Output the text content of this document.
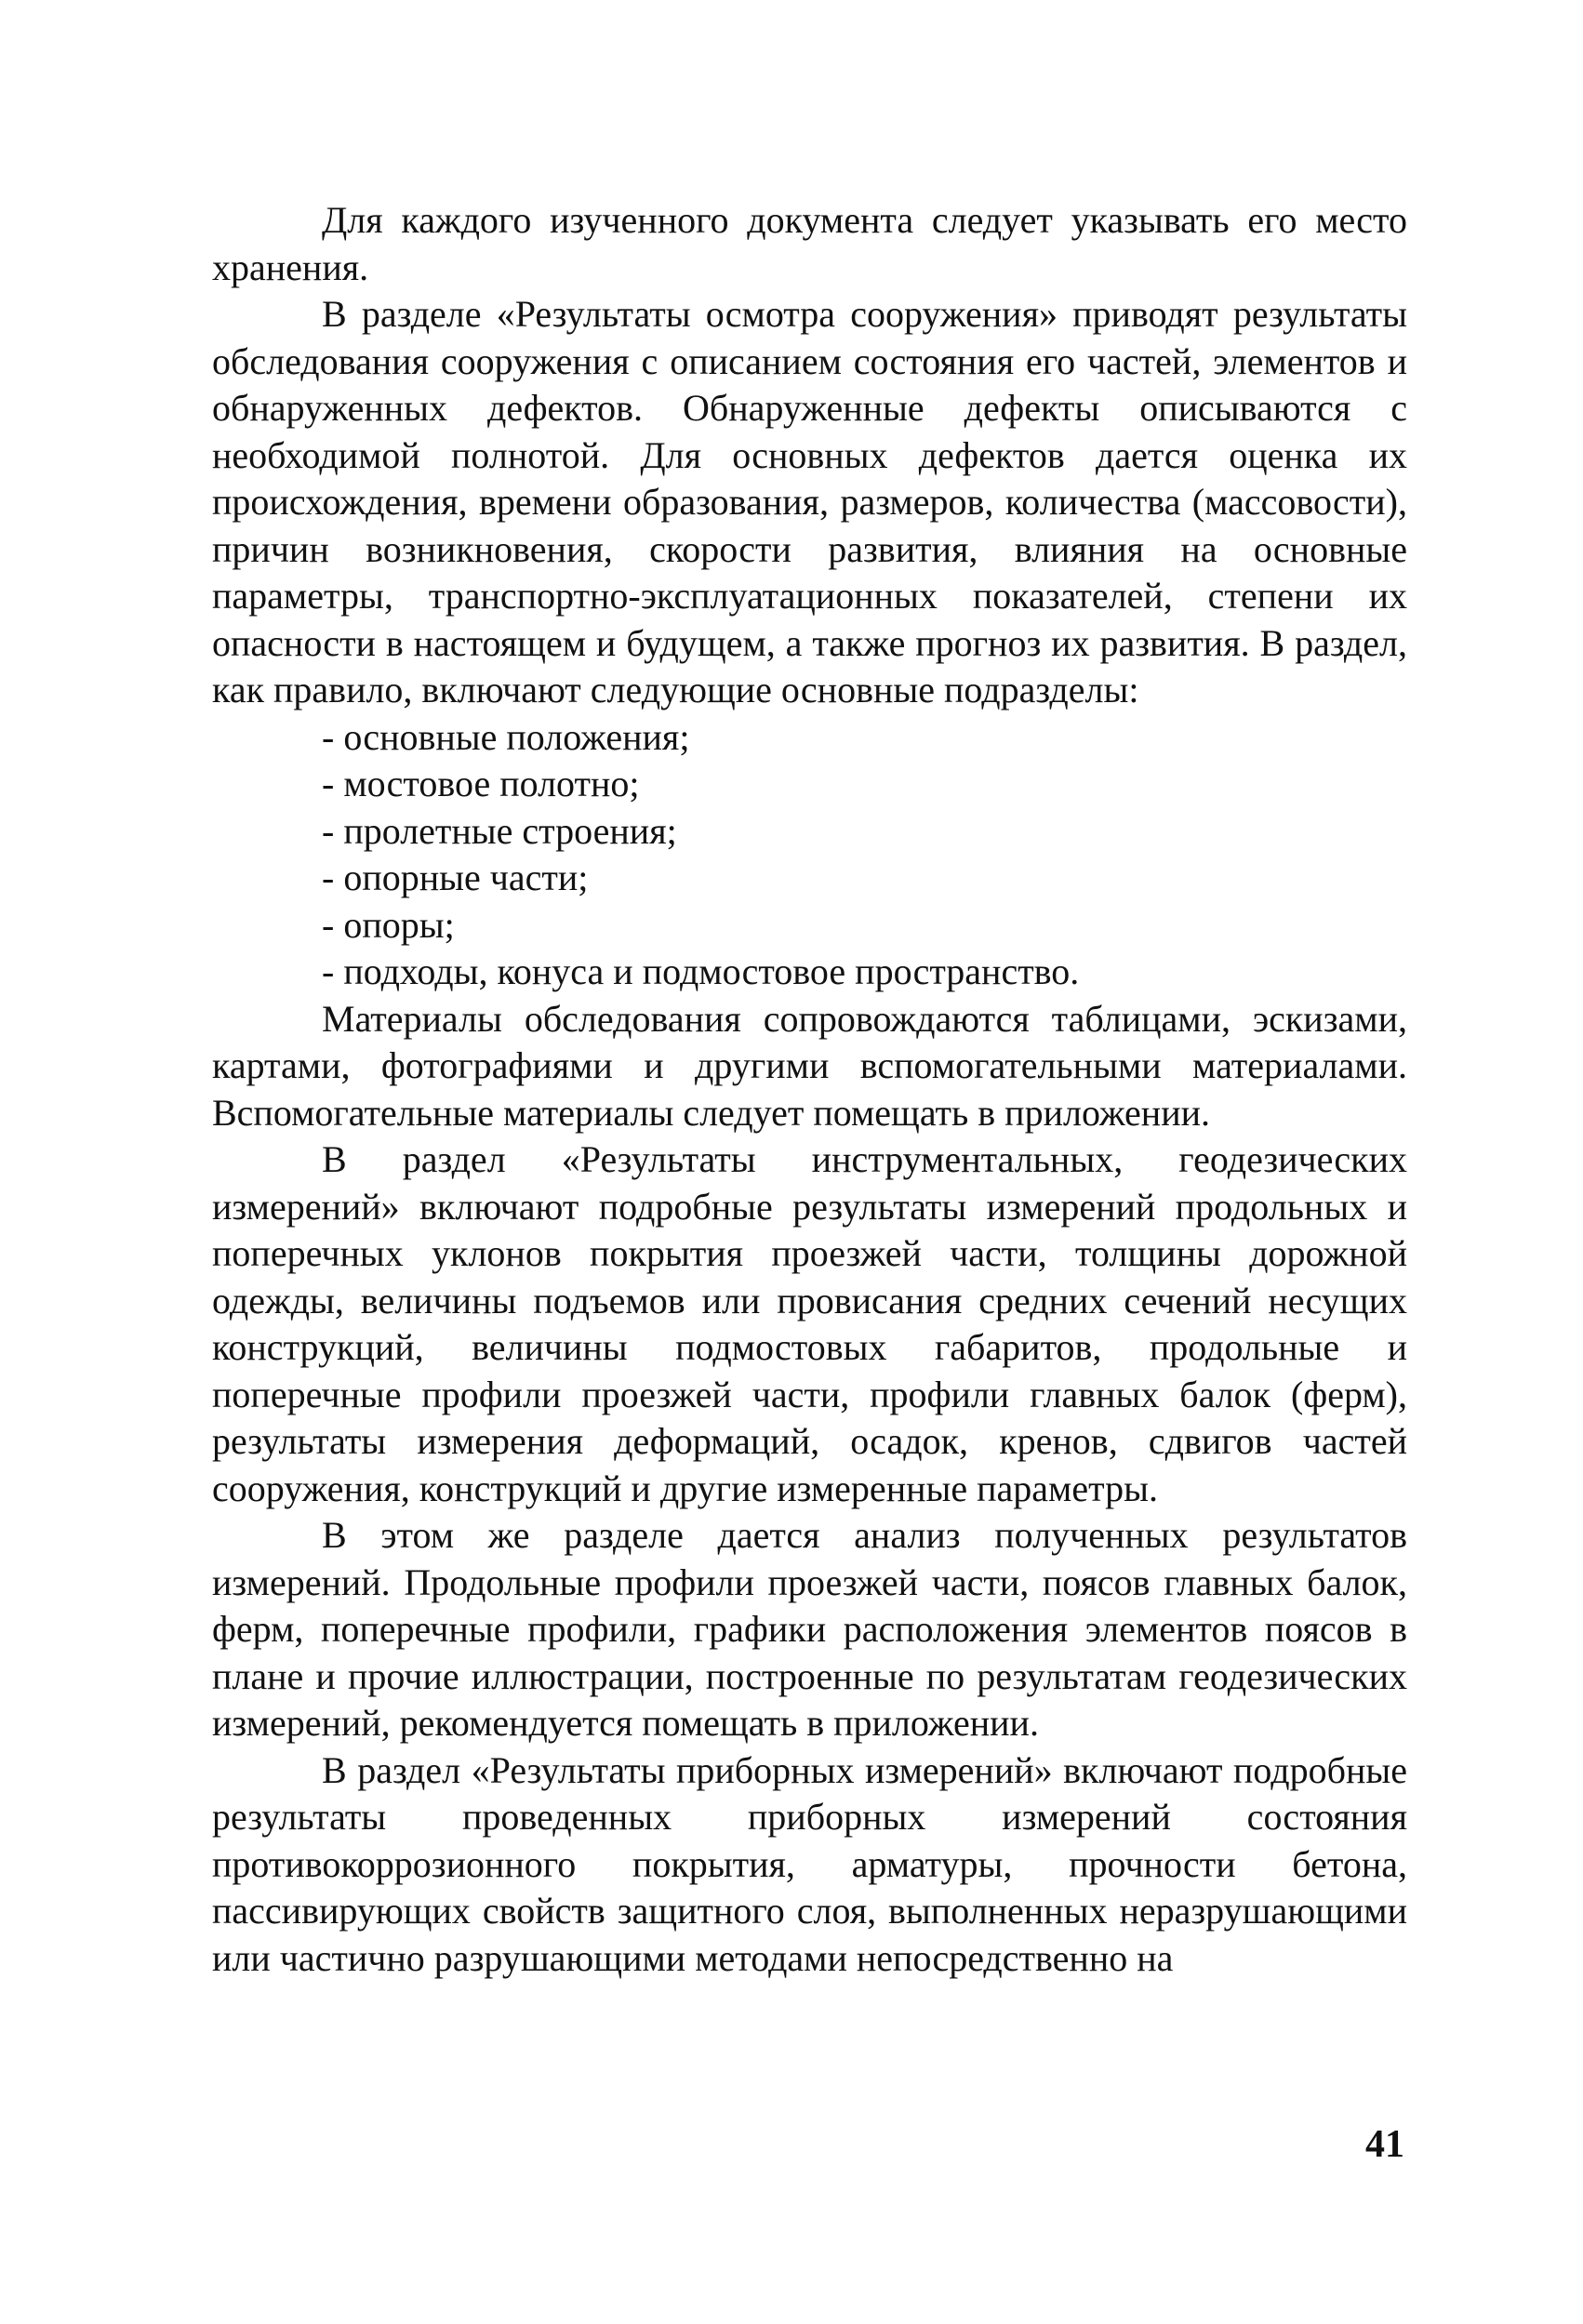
Для каждого изученного документа следует указывать его место хранения.

В разделе «Результаты осмотра сооружения» приводят результаты обследования сооружения с описанием состояния его частей, элементов и обнаруженных дефектов. Обнаруженные дефекты описываются с необходимой полнотой. Для основных дефектов дается оценка их происхождения, времени образования, размеров, количества (массовости), причин возникновения, скорости развития, влияния на основные параметры, транспортно-эксплуатационных показателей, степени их опасности в настоящем и будущем, а также прогноз их развития. В раздел, как правило, включают следующие основные подразделы:

- основные положения;
- мостовое полотно;
- пролетные строения;
- опорные части;
- опоры;
- подходы, конуса и подмостовое пространство.

Материалы обследования сопровождаются таблицами, эскизами, картами, фотографиями и другими вспомогательными материалами. Вспомогательные материалы следует помещать в приложении.

В раздел «Результаты инструментальных, геодезических измерений» включают подробные результаты измерений продольных и поперечных уклонов покрытия проезжей части, толщины дорожной одежды, величины подъемов или провисания средних сечений несущих конструкций, величины подмостовых габаритов, продольные и поперечные профили проезжей части, профили главных балок (ферм), результаты измерения деформаций, осадок, кренов, сдвигов частей сооружения, конструкций и другие измеренные параметры.

В этом же разделе дается анализ полученных результатов измерений. Продольные профили проезжей части, поясов главных балок, ферм, поперечные профили, графики расположения элементов поясов в плане и прочие иллюстрации, построенные по результатам геодезических измерений, рекомендуется помещать в приложении.

В раздел «Результаты приборных измерений» включают подробные результаты проведенных приборных измерений состояния противокоррозионного покрытия, арматуры, прочности бетона, пассивирующих свойств защитного слоя, выполненных неразрушающими или частично разрушающими методами непосредственно на

41
